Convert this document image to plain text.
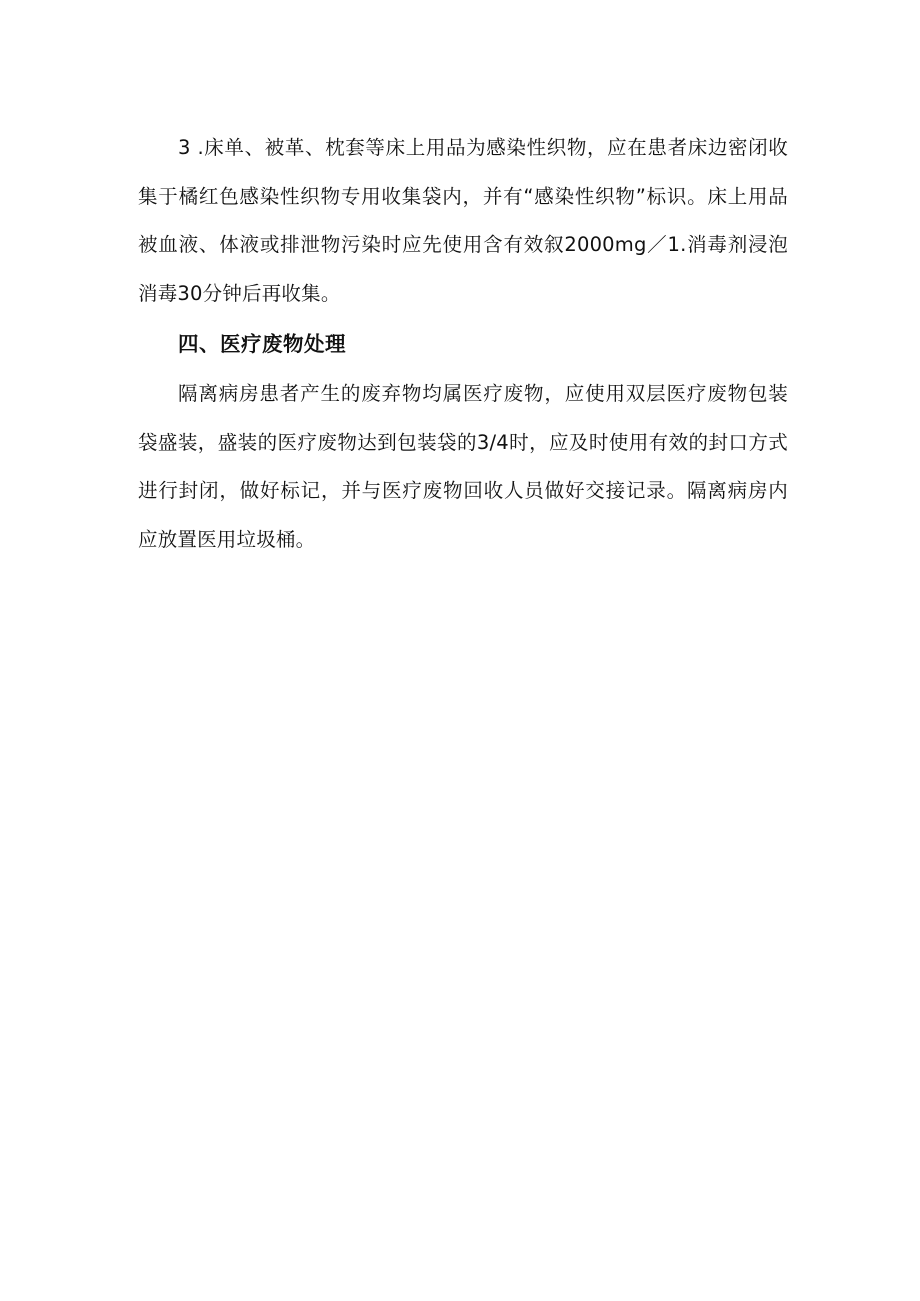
3 .床单、被革、枕套等床上用品为感染性织物，应在患者床边密闭收集于橘红色感染性织物专用收集袋内，并有“感染性织物”标识。床上用品被血液、体液或排泄物污染时应先使用含有效叙2000mg／1.消毒剂浸泡消毒30分钟后再收集。

四、医疗废物处理

隔离病房患者产生的废弃物均属医疗废物，应使用双层医疗废物包装袋盛装，盛装的医疗废物达到包装袋的3/4时，应及时使用有效的封口方式进行封闭，做好标记，并与医疗废物回收人员做好交接记录。隔离病房内应放置医用垃圾桶。
